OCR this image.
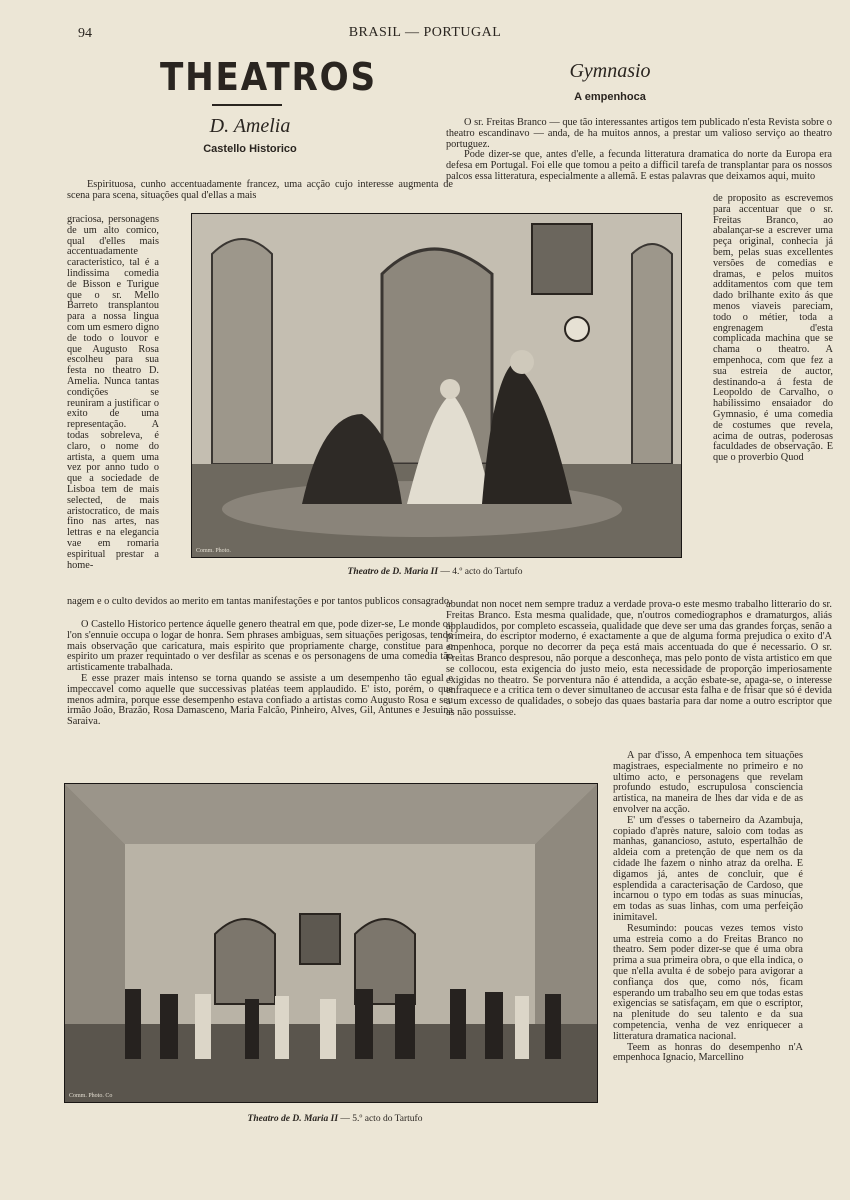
94	BRASIL — PORTUGAL
THEATROS
D. Amelia
Castello Historico
Gymnasio
A empenhoca
Espirituosa, cunho accentuadamente francez, uma acção cujo interesse augmenta de scena para scena, situações qual d'ellas a mais
graciosa, personagens de um alto comico, qual d'elles mais accentuadamente caracteristico, tal é a lindissima comedia de Bisson e Turigue que o sr. Mello Barreto transplantou para a nossa lingua com um esmero digno de todo o louvor e que Augusto Rosa escolheu para sua festa no theatro D. Amelia. Nunca tantas condições se reuniram a justificar o exito de uma representação. A todas sobreleva, é claro, o nome do artista, a quem uma vez por anno tudo o que a sociedade de Lisboa tem de mais selected, de mais aristocratico, de mais fino nas artes, nas lettras e na elegancia vae em romaria espiritual prestar a home-
nagem e o culto devidos ao merito em tantas manifestações e por tantos publicos consagrado.

O Castello Historico pertence áquelle genero theatral em que, pode dizer-se, Le monde ou l'on s'ennuie occupa o logar de honra. Sem phrases ambiguas, sem situações perigosas, tendo mais observação que caricatura, mais espirito que propriamente charge, constitue para o espirito um prazer requintado o ver desfilar as scenas e os personagens de uma comedia tão artisticamente trabalhada.

E esse prazer mais intenso se torna quando se assiste a um desempenho tão egual e impeccavel como aquelle que successivas platéas teem applaudido. E' isto, porém, o que menos admira, porque esse desempenho estava confiado a artistas como Augusto Rosa e seu irmão João, Brazão, Rosa Damasceno, Maria Falcão, Pinheiro, Alves, Gil, Antunes e Jesuina Saraiva.

O sr. Freitas Branco — que tão interessantes artigos tem publicado n'esta Revista sobre o theatro escandinavo — anda, de ha muitos annos, a prestar um valioso serviço ao theatro portuguez.

Pode dizer-se que, antes d'elle, a fecunda litteratura dramatica do norte da Europa era defesa em Portugal. Foi elle que tomou a peito a difficil tarefa de transplantar para os nossos palcos essa litteratura, especialmente a allemã. E estas palavras que deixamos aqui, muito

de proposito as escrevemos para accentuar que o sr. Freitas Branco, ao abalançar-se a escrever uma peça original, conhecia já bem, pelas suas excellentes versões de comedias e dramas, e pelos muitos additamentos com que tem dado brilhante exito ás que menos viaveis pareciam, todo o métier, toda a engrenagem d'esta complicada machina que se chama o theatro. A empenhoca, com que fez a sua estreia de auctor, destinando-a á festa de Leopoldo de Carvalho, o habilissimo ensaiador do Gymnasio, é uma comedia de costumes que revela, acima de outras, poderosas faculdades de observação. E que o proverbio Quod
abundat non nocet nem sempre traduz a verdade prova-o este mesmo trabalho litterario do sr. Freitas Branco. Esta mesma qualidade, que, n'outros comediographos e dramaturgos, aliás applaudidos, por completo escasseia, qualidade que deve ser uma das grandes forças, senão a primeira, do escriptor moderno, é exactamente a que de alguma forma prejudica o exito d'A empenhoca, porque no decorrer da peça está mais accentuada do que é necessario. O sr. Freitas Branco despresou, não porque a desconheça, mas pelo ponto de vista artistico em que se collocou, esta exigencia do justo meio, esta necessidade de proporção imperiosamente exigidas no theatro. Se porventura não é attendida, a acção esbate-se, apaga-se, o interesse enfraquece e a critica tem o dever simultaneo de accusar esta falha e de frisar que só é devida a um excesso de qualidades, o sobejo das quaes bastaria para dar nome a outro escriptor que as não possuisse.

A par d'isso, A empenhoca tem situações magistraes, especialmente no primeiro e no ultimo acto, e personagens que revelam profundo estudo, escrupulosa consciencia artistica, na maneira de lhes dar vida e de as envolver na acção.

E' um d'esses o taberneiro da Azambuja, copiado d'après nature, saloio com todas as manhas, ganancioso, astuto, espertalhão de aldeia com a pretenção de que nem os da cidade lhe fazem o ninho atraz da orelha. E digamos já, antes de concluir, que é esplendida a caracterisação de Cardoso, que incarnou o typo em todas as suas minucias, em todas as suas linhas, com uma perfeição inimitavel.

Resumindo: poucas vezes temos visto uma estreia como a do Freitas Branco no theatro. Sem poder dizer-se que é uma obra prima a sua primeira obra, o que ella indica, o que n'ella avulta é de sobejo para avigorar a confiança dos que, como nós, ficam esperando um trabalho seu em que todas estas exigencias se satisfaçam, em que o escriptor, na plenitude do seu talento e da sua competencia, venha de vez enriquecer a litteratura dramatica nacional.

Teem as honras do desempenho n'A empenhoca Ignacio, Marcellino

Comm. Photo.
Theatro de D. Maria II — 4.º acto do Tartufo
Comm. Photo. Co
Theatro de D. Maria II — 5.º acto do Tartufo
